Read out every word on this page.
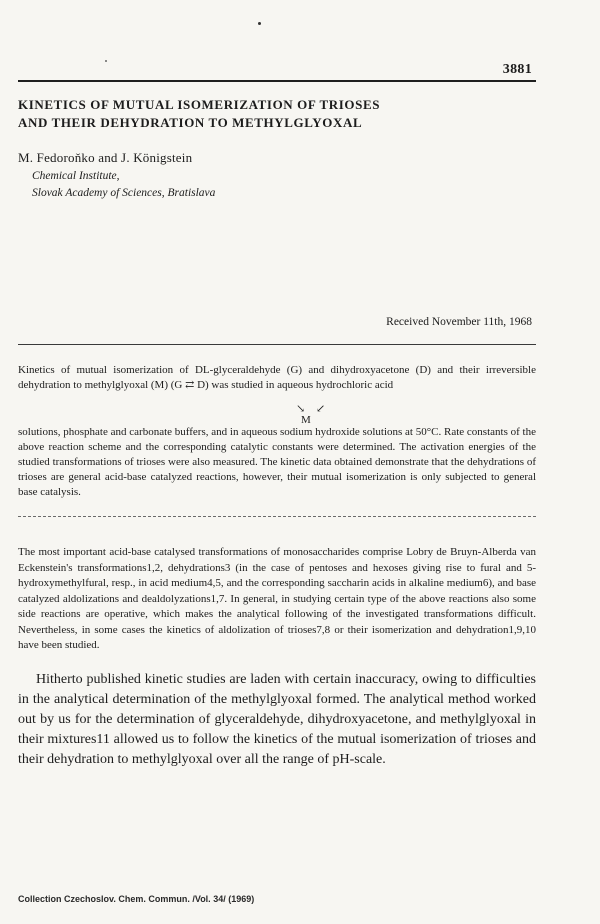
3881
KINETICS OF MUTUAL ISOMERIZATION OF TRIOSES
AND THEIR DEHYDRATION TO METHYLGLYOXAL
M. Fedoroňko and J. Königstein
Chemical Institute,
Slovak Academy of Sciences, Bratislava
Received November 11th, 1968
Kinetics of mutual isomerization of DL-glyceraldehyde (G) and dihydroxyacetone (D) and their irreversible dehydration to methylglyoxal (M) (G ⇄ D) was studied in aqueous hydrochloric acid
↘ ↙
M
solutions, phosphate and carbonate buffers, and in aqueous sodium hydroxide solutions at 50°C. Rate constants of the above reaction scheme and the corresponding catalytic constants were determined. The activation energies of the studied transformations of trioses were also measured. The kinetic data obtained demonstrate that the dehydrations of trioses are general acid-base catalyzed reactions, however, their mutual isomerization is only subjected to general base catalysis.
The most important acid-base catalysed transformations of monosaccharides comprise Lobry de Bruyn-Alberda van Eckenstein's transformations1,2, dehydrations3 (in the case of pentoses and hexoses giving rise to fural and 5-hydroxymethylfural, resp., in acid medium4,5, and the corresponding saccharin acids in alkaline medium6), and base catalyzed aldolizations and dealdolyzations1,7. In general, in studying certain type of the above reactions also some side reactions are operative, which makes the analytical following of the investigated transformations difficult. Nevertheless, in some cases the kinetics of aldolization of trioses7,8 or their isomerization and dehydration1,9,10 have been studied.
Hitherto published kinetic studies are laden with certain inaccuracy, owing to difficulties in the analytical determination of the methylglyoxal formed. The analytical method worked out by us for the determination of glyceraldehyde, dihydroxyacetone, and methylglyoxal in their mixtures11 allowed us to follow the kinetics of the mutual isomerization of trioses and their dehydration to methylglyoxal over all the range of pH-scale.
Collection Czechoslov. Chem. Commun. /Vol. 34/ (1969)
